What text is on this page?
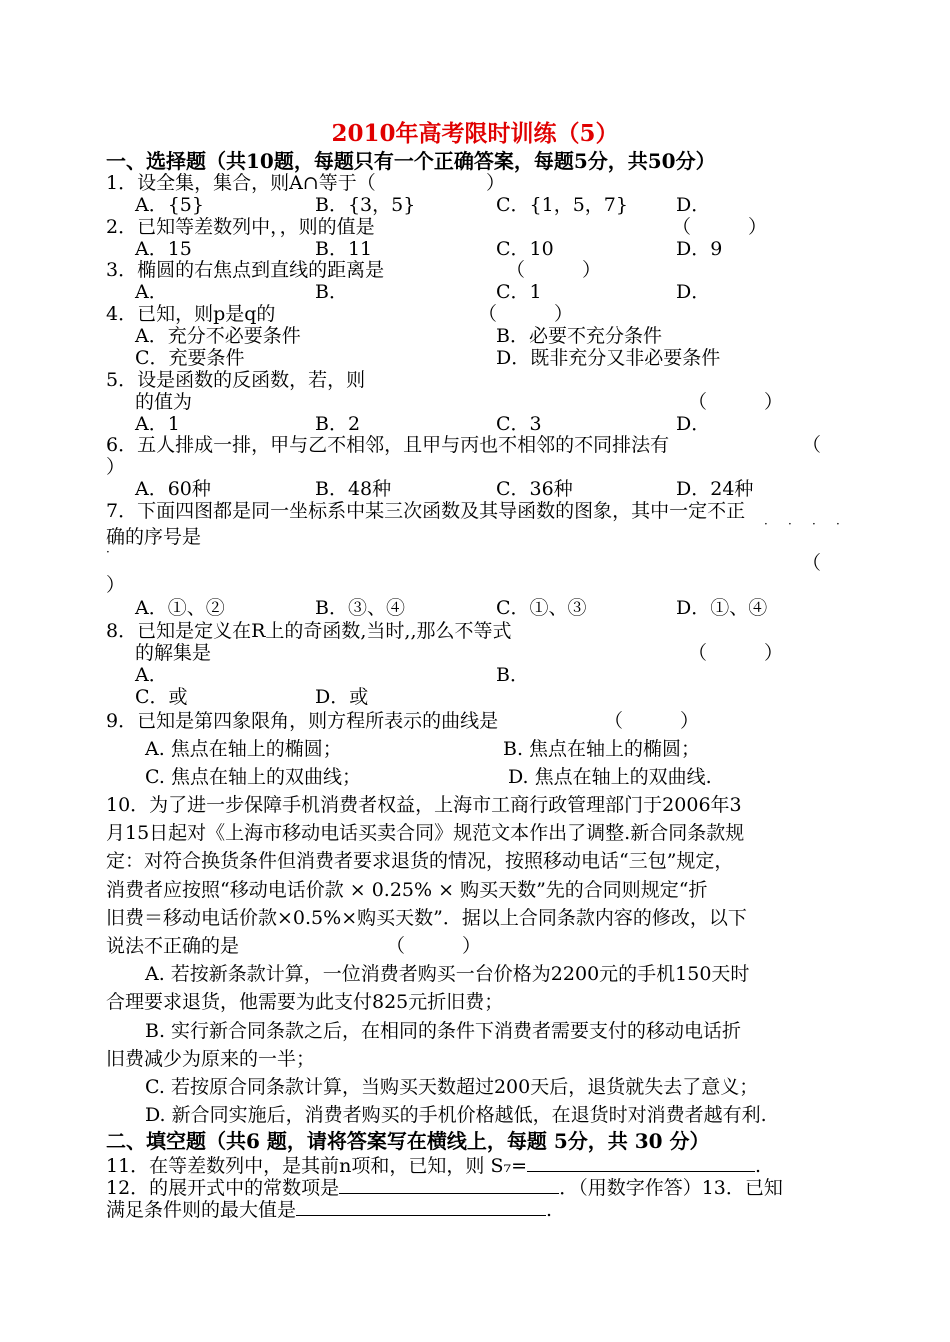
2010年高考限时训练（5）
一、选择题（共10题，每题只有一个正确答案，每题5分，共50分）
1．设全集，集合，则A∩等于（	）
A．{5}	B．{3，5}	C．{1，5，7}	D．
2．已知等差数列中，，则的值是	（　　　）
A．15	B．11	C．10	D．9
3．椭圆的右焦点到直线的距离是	（　　　）
A．	B．	C．1	D．
4．已知，则p是q的	（　　　）
A．充分不必要条件	B．必要不充分条件
C．充要条件	D．既非充分又非必要条件
5．设是函数的反函数，若，则
的值为	（　　　）
A．1	B．2	C．3	D．
6．五人排成一排，甲与乙不相邻，且甲与丙也不相邻的不同排法有	（
）
A．60种	B．48种	C．36种	D．24种
7．下面四图都是同一坐标系中某三次函数及其导函数的图象，其中一定不正
· · · ·
确的序号是
·	（
）
A．①、②	B．③、④	C．①、③	D．①、④
8．已知是定义在R上的奇函数,当时,,那么不等式
的解集是	（　　　）
A．	B．
C．或	D．或
9．已知是第四象限角，则方程所表示的曲线是	（　　　）
A. 焦点在轴上的椭圆；	B. 焦点在轴上的椭圆；
C. 焦点在轴上的双曲线；	D. 焦点在轴上的双曲线.
10．为了进一步保障手机消费者权益，上海市工商行政管理部门于2006年3
月15日起对《上海市移动电话买卖合同》规范文本作出了调整.新合同条款规
定：对符合换货条件但消费者要求退货的情况，按照移动电话“三包”规定，
消费者应按照“移动电话价款 × 0.25% × 购买天数”先的合同则规定“折
旧费＝移动电话价款×0.5%×购买天数”．据以上合同条款内容的修改，以下
说法不正确的是	（　　　）
A. 若按新条款计算，一位消费者购买一台价格为2200元的手机150天时
合理要求退货，他需要为此支付825元折旧费；
B. 实行新合同条款之后，在相同的条件下消费者需要支付的移动电话折
旧费减少为原来的一半；
C. 若按原合同条款计算，当购买天数超过200天后，退货就失去了意义；
D. 新合同实施后，消费者购买的手机价格越低，在退货时对消费者越有利.
二、填空题（共6 题，请将答案写在横线上，每题 5分，共 30 分）
11．在等差数列中，是其前n项和，已知，则 S₇=	.
12．的展开式中的常数项是	．（用数字作答）13．已知
满足条件则的最大值是	.
